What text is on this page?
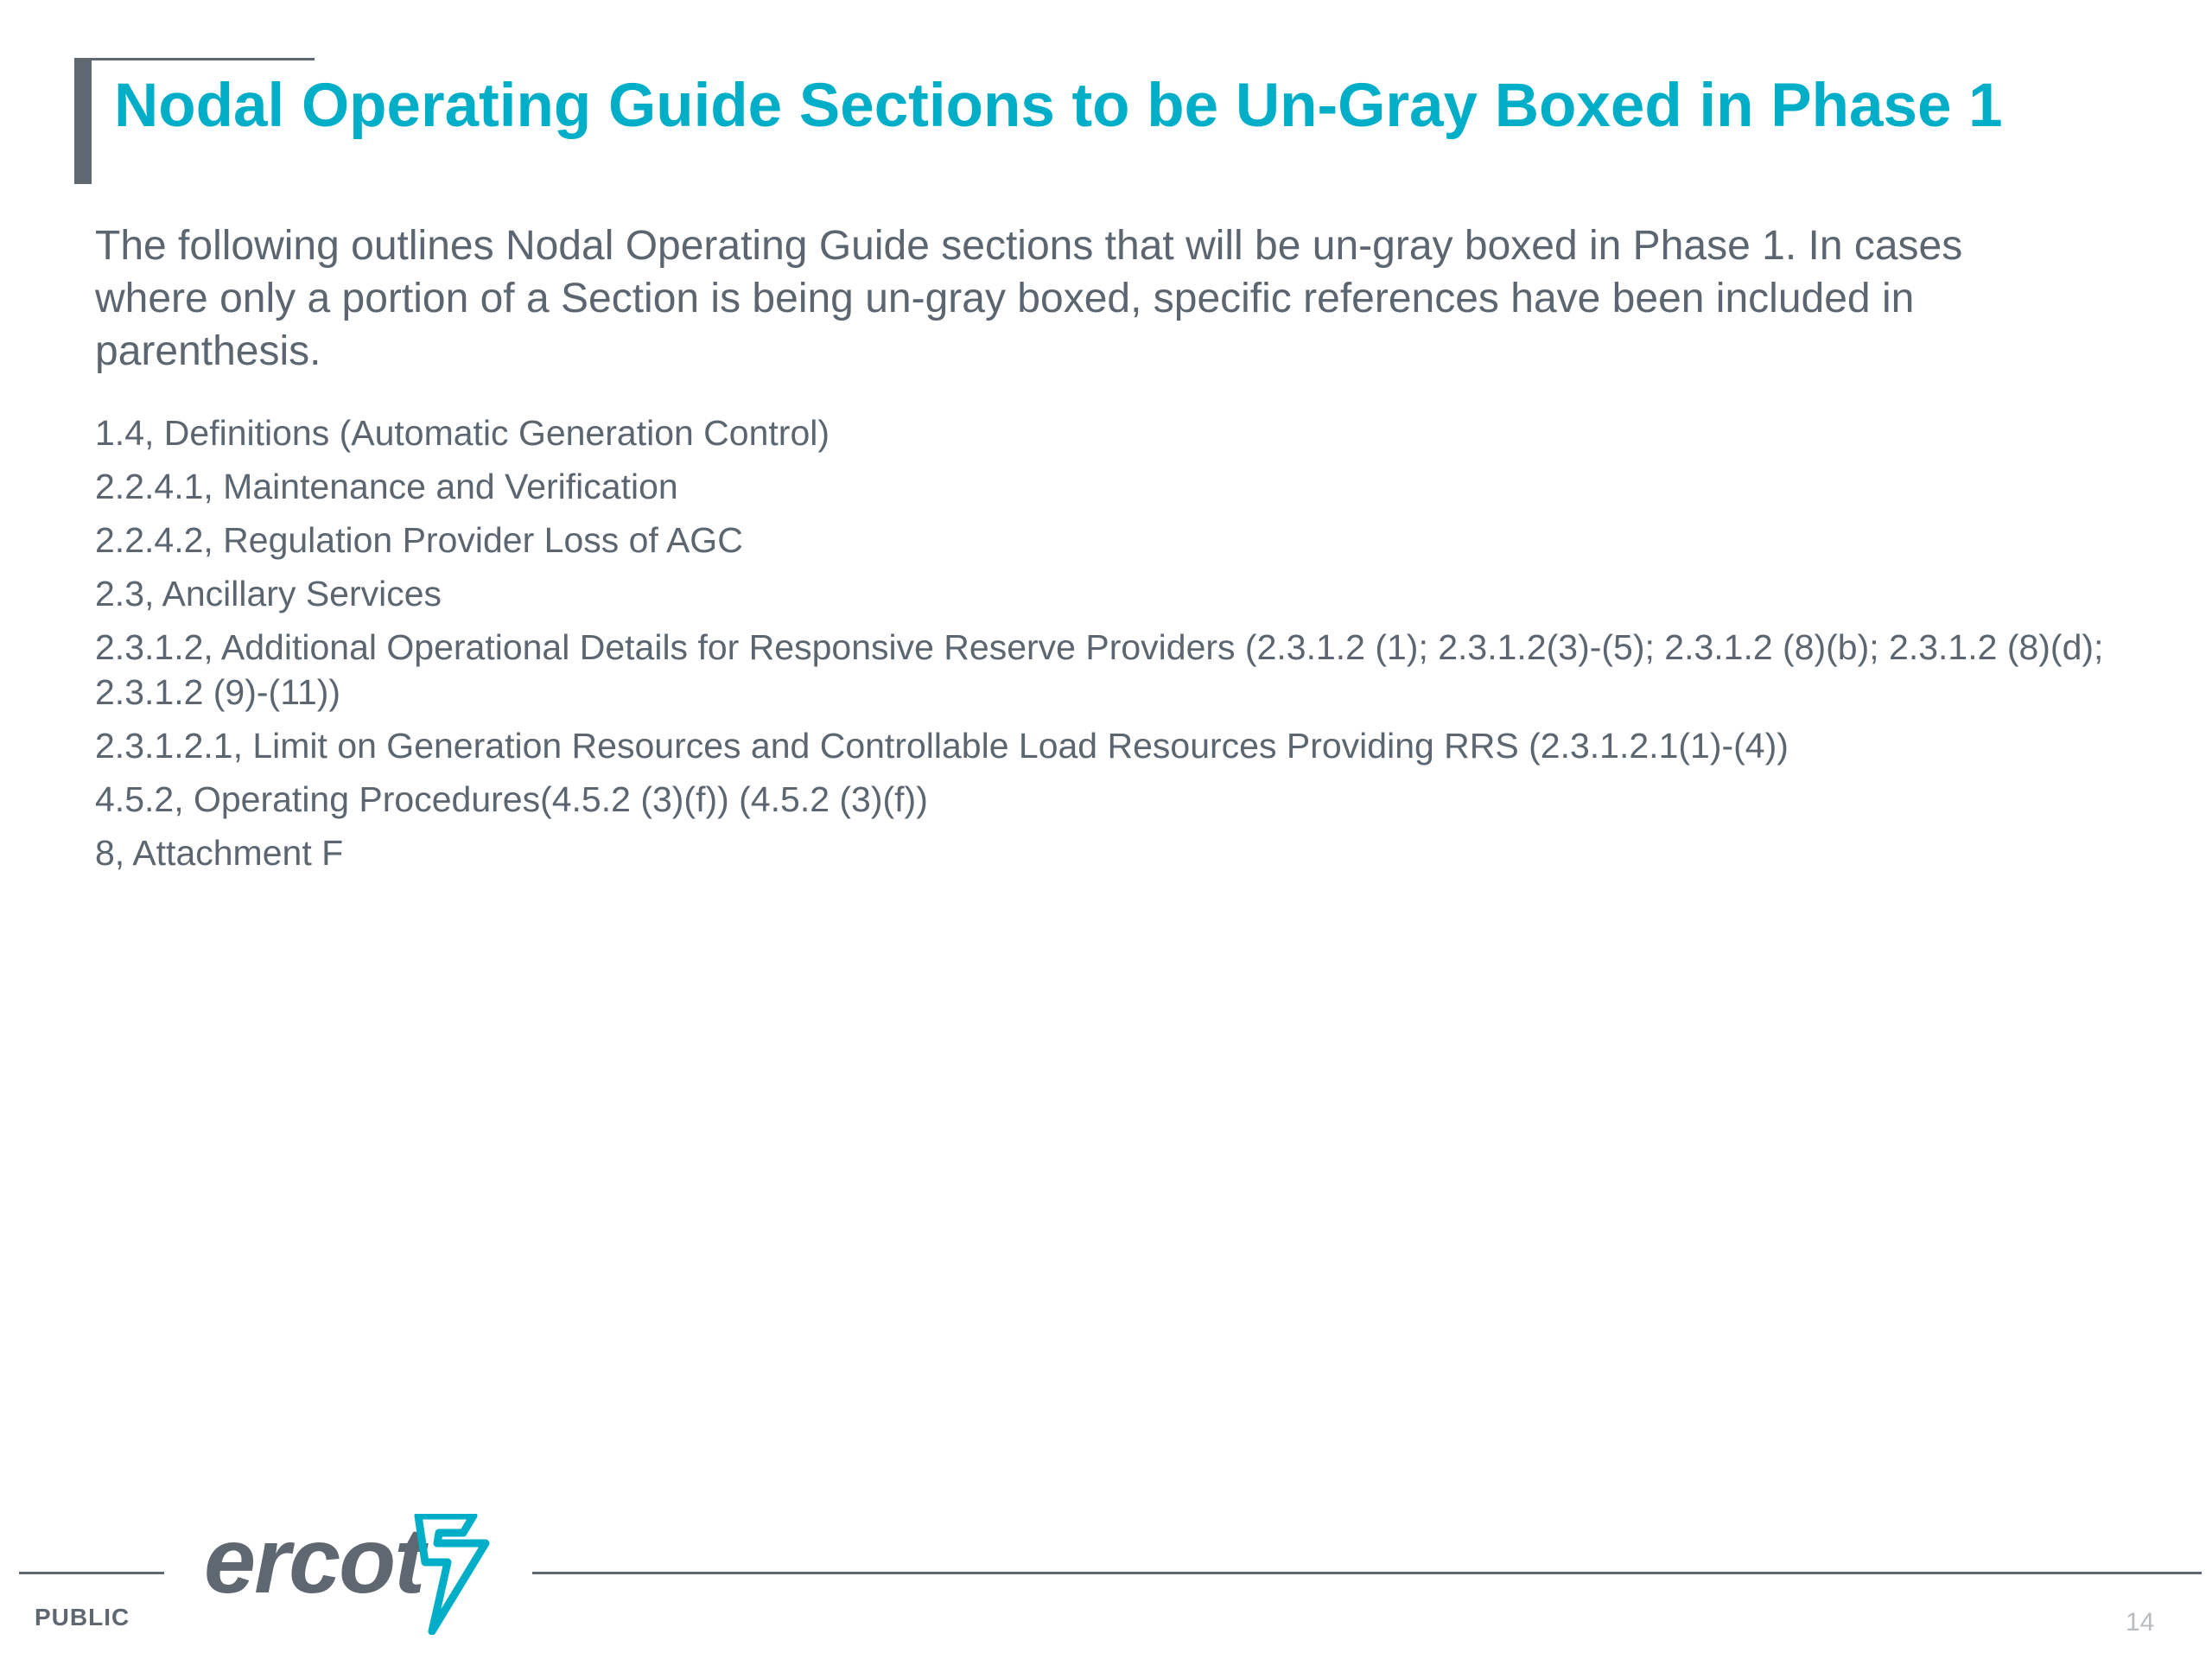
Nodal Operating Guide Sections to be Un-Gray Boxed in Phase 1

The following outlines Nodal Operating Guide sections that will be un-gray boxed in Phase 1. In cases where only a portion of a Section is being un-gray boxed, specific references have been included in parenthesis.

1.4, Definitions (Automatic Generation Control)
2.2.4.1, Maintenance and Verification
2.2.4.2, Regulation Provider Loss of AGC
2.3, Ancillary Services
2.3.1.2, Additional Operational Details for Responsive Reserve Providers (2.3.1.2 (1); 2.3.1.2(3)-(5); 2.3.1.2 (8)(b); 2.3.1.2 (8)(d); 2.3.1.2 (9)-(11))
2.3.1.2.1, Limit on Generation Resources and Controllable Load Resources Providing RRS (2.3.1.2.1(1)-(4))
4.5.2, Operating Procedures(4.5.2 (3)(f)) (4.5.2 (3)(f))
8, Attachment F
ercot
PUBLIC	14
